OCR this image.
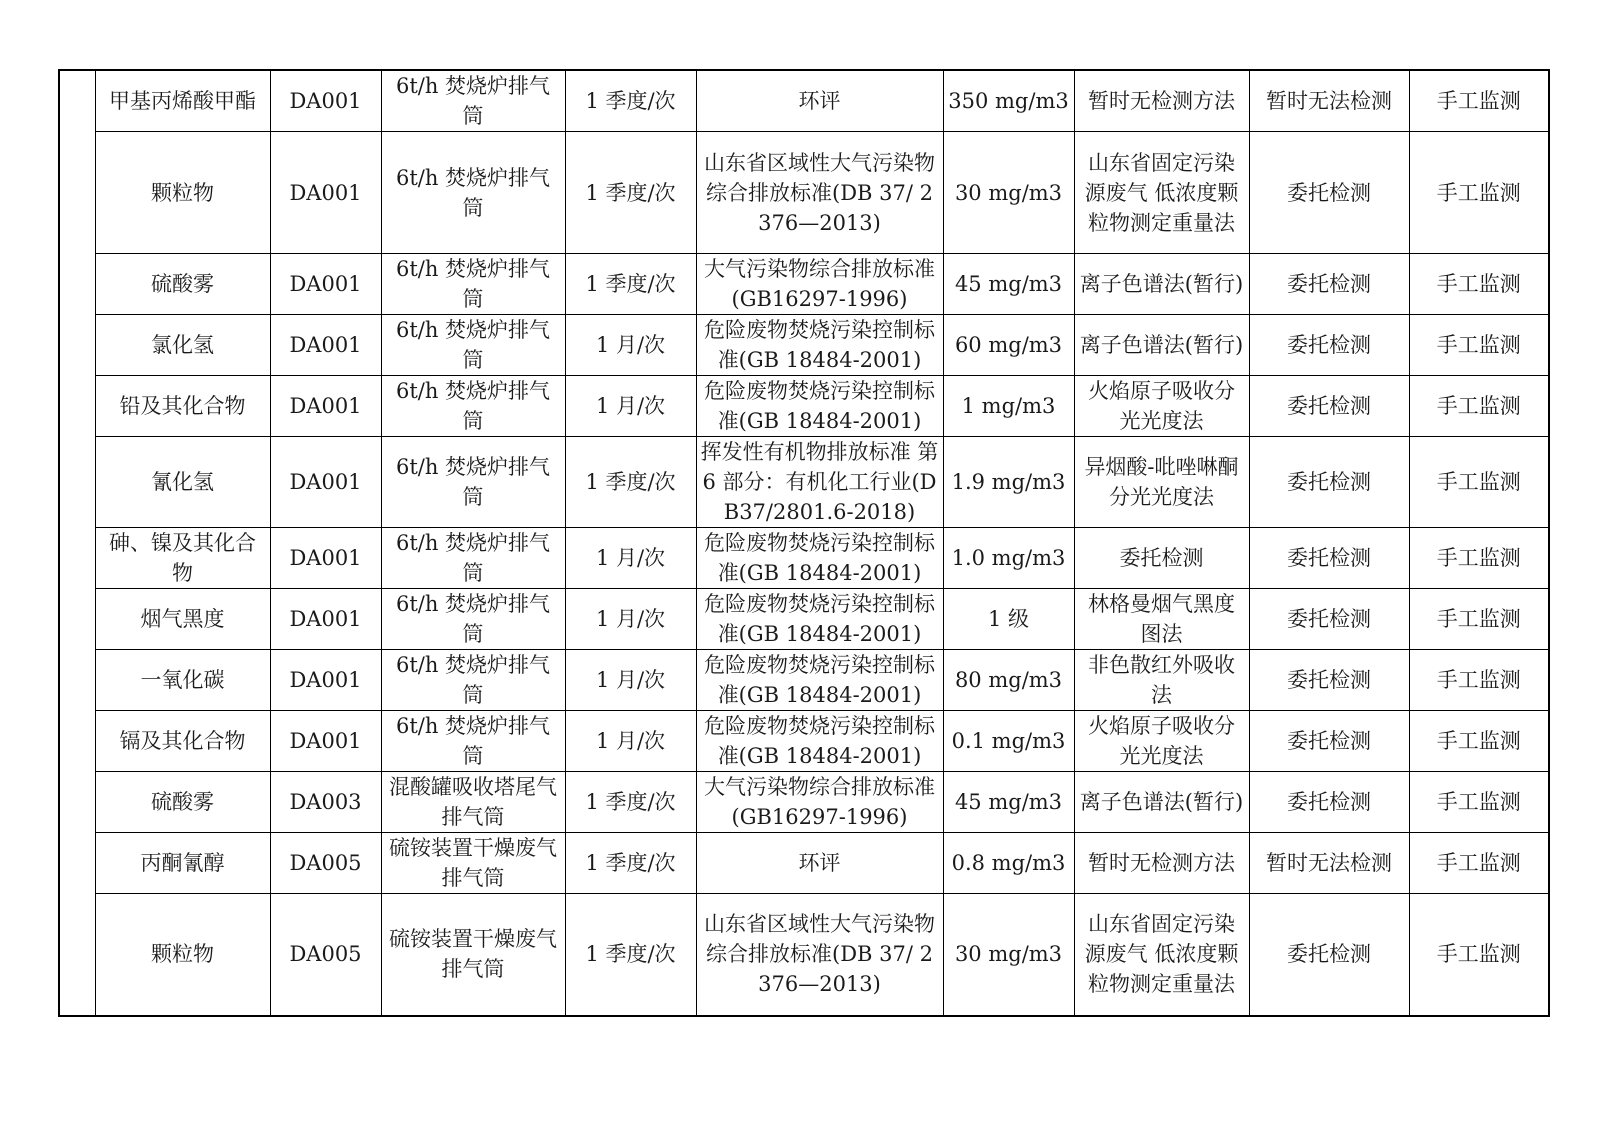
	甲基丙烯酸甲酯	DA001	6t/h 焚烧炉排气筒	1 季度/次	环评	350 mg/m3	暂时无检测方法	暂时无法检测	手工监测
	颗粒物	DA001	6t/h 焚烧炉排气筒	1 季度/次	山东省区域性大气污染物综合排放标准(DB 37/ 2376—2013)	30 mg/m3	山东省固定污染源废气 低浓度颗粒物测定重量法	委托检测	手工监测
	硫酸雾	DA001	6t/h 焚烧炉排气筒	1 季度/次	大气污染物综合排放标准(GB16297-1996)	45 mg/m3	离子色谱法(暂行)	委托检测	手工监测
	氯化氢	DA001	6t/h 焚烧炉排气筒	1 月/次	危险废物焚烧污染控制标准(GB 18484-2001)	60 mg/m3	离子色谱法(暂行)	委托检测	手工监测
	铅及其化合物	DA001	6t/h 焚烧炉排气筒	1 月/次	危险废物焚烧污染控制标准(GB 18484-2001)	1 mg/m3	火焰原子吸收分光光度法	委托检测	手工监测
	氰化氢	DA001	6t/h 焚烧炉排气筒	1 季度/次	挥发性有机物排放标准 第 6 部分：有机化工行业(DB37/2801.6-2018)	1.9 mg/m3	异烟酸-吡唑啉酮分光光度法	委托检测	手工监测
	砷、镍及其化合物	DA001	6t/h 焚烧炉排气筒	1 月/次	危险废物焚烧污染控制标准(GB 18484-2001)	1.0 mg/m3	委托检测	委托检测	手工监测
	烟气黑度	DA001	6t/h 焚烧炉排气筒	1 月/次	危险废物焚烧污染控制标准(GB 18484-2001)	1 级	林格曼烟气黑度图法	委托检测	手工监测
	一氧化碳	DA001	6t/h 焚烧炉排气筒	1 月/次	危险废物焚烧污染控制标准(GB 18484-2001)	80 mg/m3	非色散红外吸收法	委托检测	手工监测
	镉及其化合物	DA001	6t/h 焚烧炉排气筒	1 月/次	危险废物焚烧污染控制标准(GB 18484-2001)	0.1 mg/m3	火焰原子吸收分光光度法	委托检测	手工监测
	硫酸雾	DA003	混酸罐吸收塔尾气排气筒	1 季度/次	大气污染物综合排放标准(GB16297-1996)	45 mg/m3	离子色谱法(暂行)	委托检测	手工监测
	丙酮氰醇	DA005	硫铵装置干燥废气排气筒	1 季度/次	环评	0.8 mg/m3	暂时无检测方法	暂时无法检测	手工监测
	颗粒物	DA005	硫铵装置干燥废气排气筒	1 季度/次	山东省区域性大气污染物综合排放标准(DB 37/ 2376—2013)	30 mg/m3	山东省固定污染源废气 低浓度颗粒物测定重量法	委托检测	手工监测
